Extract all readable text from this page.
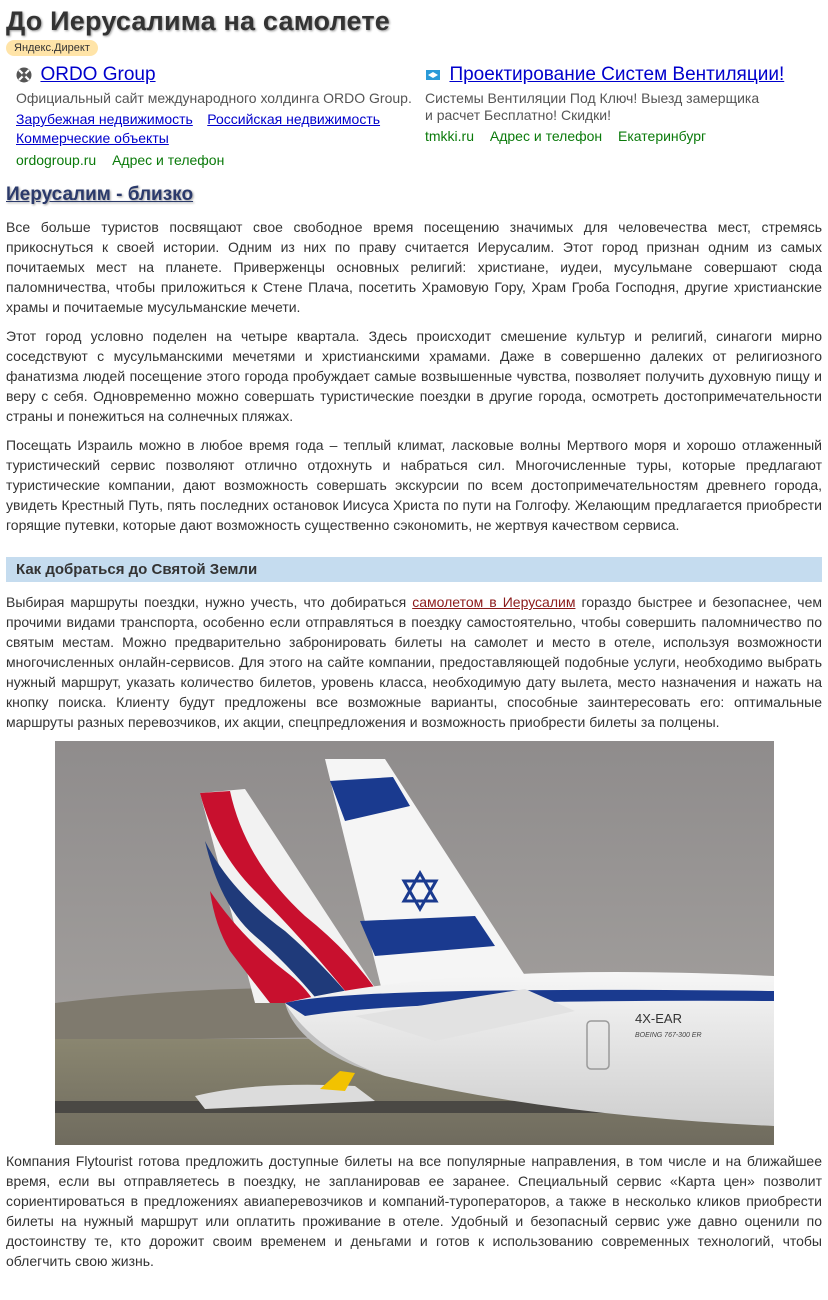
До Иерусалима на самолете
Яндекс.Директ
ORDO Group
Официальный сайт международного холдинга ORDO Group.
Зарубежная недвижимость Российская недвижимость Коммерческие объекты
ordogroup.ru Адрес и телефон
Проектирование Систем Вентиляции!
Системы Вентиляции Под Ключ! Выезд замерщика
и расчет Бесплатно! Скидки!
tmkki.ru Адрес и телефон Екатеринбург
Иерусалим - близко

Все больше туристов посвящают свое свободное время посещению значимых для человечества мест, стремясь прикоснуться к своей истории. Одним из них по праву считается Иерусалим. Этот город признан одним из самых почитаемых мест на планете. Приверженцы основных религий: христиане, иудеи, мусульмане совершают сюда паломничества, чтобы приложиться к Стене Плача, посетить Храмовую Гору, Храм Гроба Господня, другие христианские храмы и почитаемые мусульманские мечети.

Этот город условно поделен на четыре квартала. Здесь происходит смешение культур и религий, синагоги мирно соседствуют с мусульманскими мечетями и христианскими храмами. Даже в совершенно далеких от религиозного фанатизма людей посещение этого города пробуждает самые возвышенные чувства, позволяет получить духовную пищу и веру с себя. Одновременно можно совершать туристические поездки в другие города, осмотреть достопримечательности страны и понежиться на солнечных пляжах.

Посещать Израиль можно в любое время года – теплый климат, ласковые волны Мертвого моря и хорошо отлаженный туристический сервис позволяют отлично отдохнуть и набраться сил. Многочисленные туры, которые предлагают туристические компании, дают возможность совершать экскурсии по всем достопримечательностям древнего города, увидеть Крестный Путь, пять последних остановок Иисуса Христа по пути на Голгофу. Желающим предлагается приобрести горящие путевки, которые дают возможность существенно сэкономить, не жертвуя качеством сервиса.

Как добраться до Святой Земли

Выбирая маршруты поездки, нужно учесть, что добираться самолетом в Иерусалим гораздо быстрее и безопаснее, чем прочими видами транспорта, особенно если отправляться в поездку самостоятельно, чтобы совершить паломничество по святым местам. Можно предварительно забронировать билеты на самолет и место в отеле, используя возможности многочисленных онлайн-сервисов. Для этого на сайте компании, предоставляющей подобные услуги, необходимо выбрать нужный маршрут, указать количество билетов, уровень класса, необходимую дату вылета, место назначения и нажать на кнопку поиска. Клиенту будут предложены все возможные варианты, способные заинтересовать его: оптимальные маршруты разных перевозчиков, их акции, спецпредложения и возможность приобрести билеты за полцены.

4X-EAR
BOEING 767-300 ER

Компания Flytourist готова предложить доступные билеты на все популярные направления, в том числе и на ближайшее время, если вы отправляетесь в поездку, не запланировав ее заранее. Специальный сервис «Карта цен» позволит сориентироваться в предложениях авиаперевозчиков и компаний-туроператоров, а также в несколько кликов приобрести билеты на нужный маршрут или оплатить проживание в отеле. Удобный и безопасный сервис уже давно оценили по достоинству те, кто дорожит своим временем и деньгами и готов к использованию современных технологий, чтобы облегчить свою жизнь.
